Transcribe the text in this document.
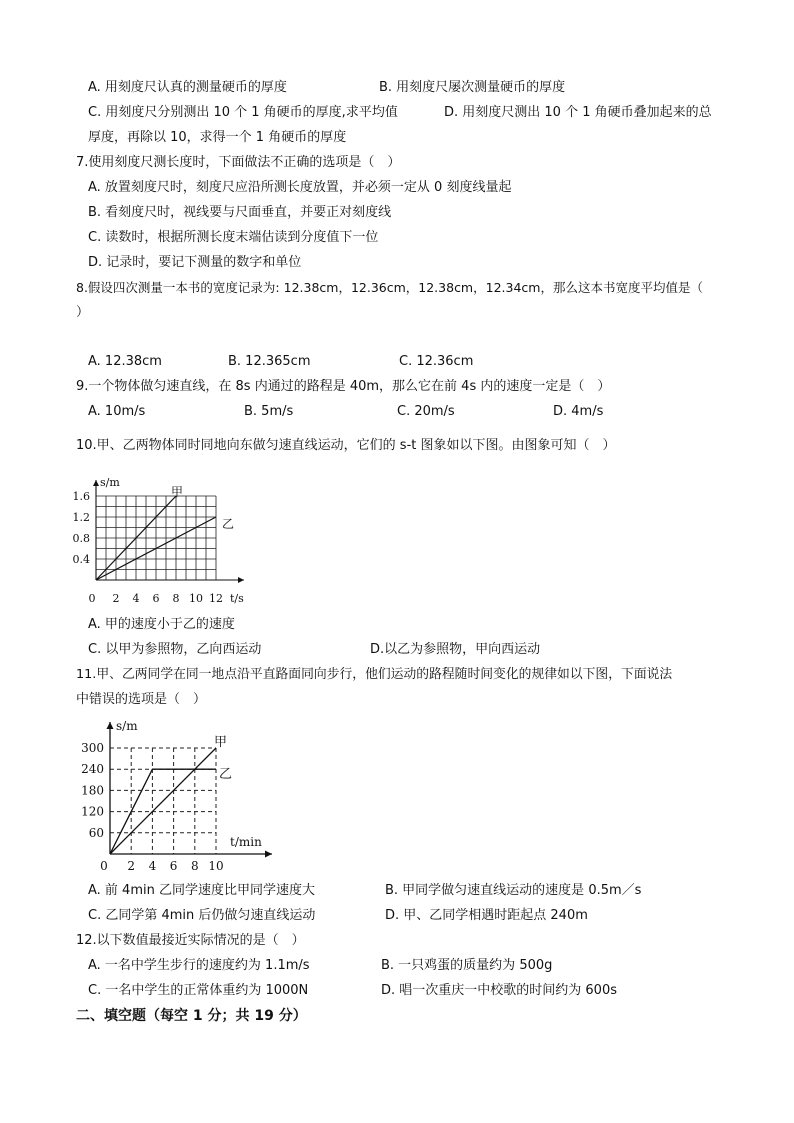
A. 用刻度尺认真的测量硬币的厚度	B. 用刻度尺屡次测量硬币的厚度
C. 用刻度尺分别测出 10 个 1 角硬币的厚度,求平均值	D. 用刻度尺测出 10 个 1 角硬币叠加起来的总
厚度，再除以 10，求得一个 1 角硬币的厚度
7.使用刻度尺测长度时，下面做法不正确的选项是（　）
A. 放置刻度尺时，刻度尺应沿所测长度放置，并必须一定从 0 刻度线量起
B. 看刻度尺时，视线要与尺面垂直，并要正对刻度线
C. 读数时，根据所测长度末端估读到分度值下一位
D. 记录时，要记下测量的数字和单位
8.假设四次测量一本书的宽度记录为: 12.38cm，12.36cm，12.38cm，12.34cm，那么这本书宽度平均值是（
）
A. 12.38cm	B. 12.365cm	C. 12.36cm
9.一个物体做匀速直线，在 8s 内通过的路程是 40m，那么它在前 4s 内的速度一定是（　）
A. 10m/s	B. 5m/s	C. 20m/s	D. 4m/s
10.甲、乙两物体同时同地向东做匀速直线运动，它们的 s-t 图象如以下图。由图象可知（　）
0 2 4 6 8 10 12
0.4
0.8
1.2
1.6
s/m
t/s
甲
乙
A. 甲的速度小于乙的速度
C. 以甲为参照物，乙向西运动	D.以乙为参照物，甲向西运动
11.甲、乙两同学在同一地点沿平直路面同向步行，他们运动的路程随时间变化的规律如以下图，下面说法
中错误的选项是（　）
0 2 4 6 8 10
60
120
180
240
300
s/m
t/min
甲
乙
A. 前 4min 乙同学速度比甲同学速度大	B. 甲同学做匀速直线运动的速度是 0.5m／s
C. 乙同学第 4min 后仍做匀速直线运动	D. 甲、乙同学相遇时距起点 240m
12.以下数值最接近实际情况的是（　）
A. 一名中学生步行的速度约为 1.1m/s	B. 一只鸡蛋的质量约为 500g
C. 一名中学生的正常体重约为 1000N	D. 唱一次重庆一中校歌的时间约为 600s
二、填空题（每空 1 分；共 19 分）
